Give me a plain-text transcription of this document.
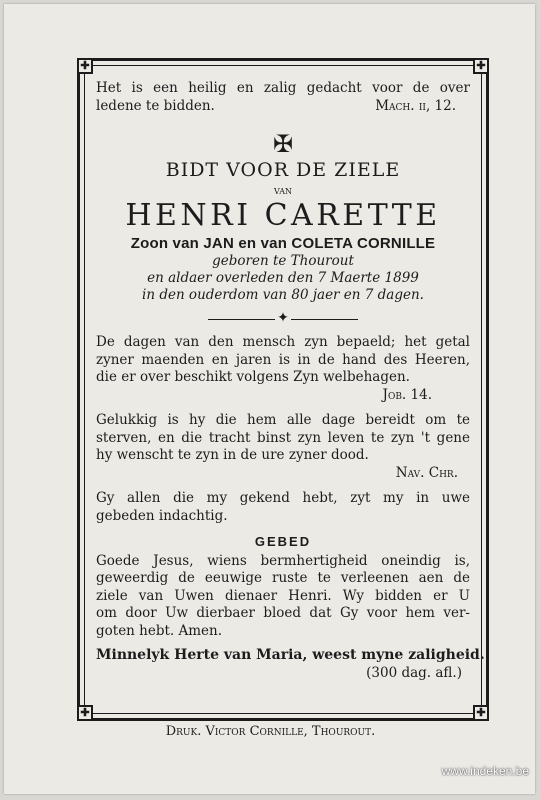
✚	✚
✚	✚

Het is een heilig en zalig gedacht voor de over

ledene te bidden.	Mach. ii, 12.
✠

BIDT VOOR DE ZIELE

van

HENRI CARETTE

Zoon van JAN en van COLETA CORNILLE

geboren te Thourout

en aldaer overleden den 7 Maerte 1899

in den ouderdom van 80 jaer en 7 dagen.

✦

De dagen van den mensch zyn bepaeld; het getal

zyner maenden en jaren is in de hand des Heeren,

die er over beschikt volgens Zyn welbehagen.

Job. 14.

Gelukkig is hy die hem alle dage bereidt om te

sterven, en die tracht binst zyn leven te zyn 't gene

hy wenscht te zyn in de ure zyner dood.

Nav. Chr.

Gy allen die my gekend hebt, zyt my in uwe

gebeden indachtig.

GEBED

Goede Jesus, wiens bermhertigheid oneindig is,

geweerdig de eeuwige ruste te verleenen aen de

ziele van Uwen dienaer Henri. Wy bidden er U

om door Uw dierbaer bloed dat Gy voor hem ver-

goten hebt. Amen.

Minnelyk Herte van Maria, weest myne zaligheid.

(300 dag. afl.)

Druk. Victor Cornille, Thourout.
www.indeken.be
